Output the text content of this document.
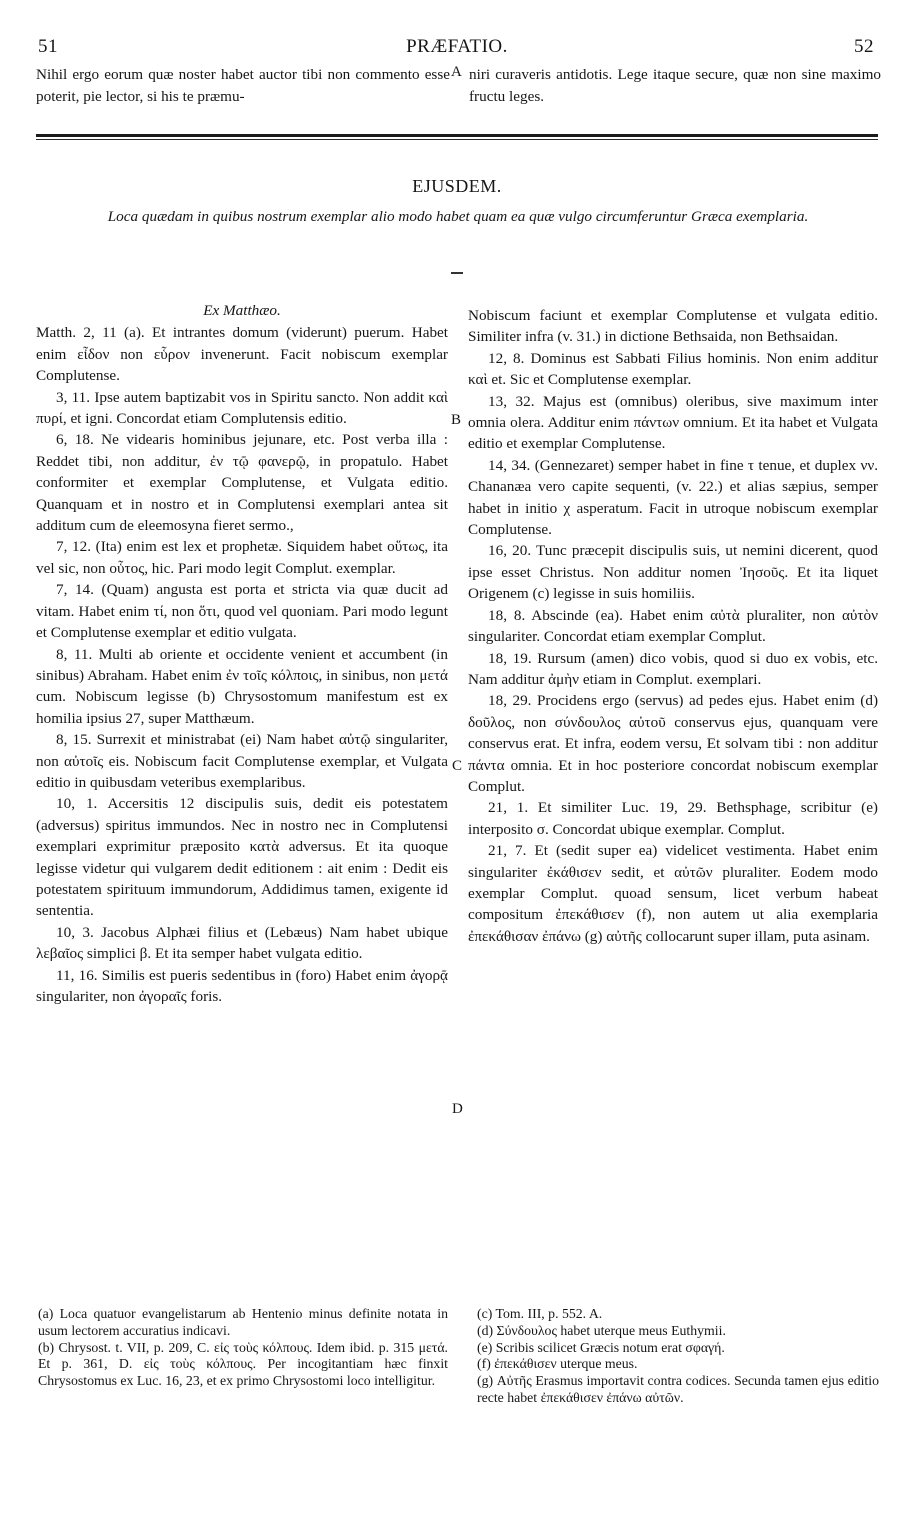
51	PRÆFATIO.	52
Nihil ergo eorum quæ noster habet auctor tibi non commento esse poterit, pie lector, si his te præmu-
A niri curaveris antidotis. Lege itaque secure, quæ non sine maximo fructu leges.
EJUSDEM.
Loca quædam in quibus nostrum exemplar alio modo habet quam ea quæ vulgo circumferuntur Græca exemplaria.

Ex Matthæo.

Matth. 2, 11 (a). Et intrantes domum (viderunt) puerum. Habet enim εἶδον non εὗρον invenerunt. Facit nobiscum exemplar Complutense.

3, 11. Ipse autem baptizabit vos in Spiritu sancto. Non addit καὶ πυρί, et igni. Concordat etiam Complutensis editio.

6, 18. Ne videaris hominibus jejunare, etc. Post verba illa : Reddet tibi, non additur, ἐν τῷ φανερῷ, in propatulo. Habet conformiter et exemplar Complutense, et Vulgata editio. Quanquam et in nostro et in Complutensi exemplari antea sit additum cum de eleemosyna fieret sermo.,

7, 12. (Ita) enim est lex et prophetæ. Siquidem habet οὕτως, ita vel sic, non οὗτος, hic. Pari modo legit Complut. exemplar.

7, 14. (Quam) angusta est porta et stricta via quæ ducit ad vitam. Habet enim τί, non ὅτι, quod vel quoniam. Pari modo legunt et Complutense exemplar et editio vulgata.

8, 11. Multi ab oriente et occidente venient et accumbent (in sinibus) Abraham. Habet enim ἐν τοῖς κόλποις, in sinibus, non μετά cum. Nobiscum legisse (b) Chrysostomum manifestum est ex homilia ipsius 27, super Matthæum.

8, 15. Surrexit et ministrabat (ei) Nam habet αὐτῷ singulariter, non αὐτοῖς eis. Nobiscum facit Complutense exemplar, et Vulgata editio in quibusdam veteribus exemplaribus.

10, 1. Accersitis 12 discipulis suis, dedit eis potestatem (adversus) spiritus immundos. Nec in nostro nec in Complutensi exemplari exprimitur præposito κατὰ adversus. Et ita quoque legisse videtur qui vulgarem dedit editionem : ait enim : Dedit eis potestatem spirituum immundorum, Addidimus tamen, exigente id sententia.

10, 3. Jacobus Alphæi filius et (Lebæus) Nam habet ubique λεβαῖος simplici β. Et ita semper habet vulgata editio.

11, 16. Similis est pueris sedentibus in (foro) Habet enim ἀγορᾷ singulariter, non ἀγοραῖς foris.

B
C
D

Nobiscum faciunt et exemplar Complutense et vulgata editio. Similiter infra (v. 31.) in dictione Bethsaida, non Bethsaidan.

12, 8. Dominus est Sabbati Filius hominis. Non enim additur καὶ et. Sic et Complutense exemplar.

13, 32. Majus est (omnibus) oleribus, sive maximum inter omnia olera. Additur enim πάντων omnium. Et ita habet et Vulgata editio et exemplar Complutense.

14, 34. (Gennezaret) semper habet in fine τ tenue, et duplex νν. Chananæa vero capite sequenti, (v. 22.) et alias sæpius, semper habet in initio χ asperatum. Facit in utroque nobiscum exemplar Complutense.

16, 20. Tunc præcepit discipulis suis, ut nemini dicerent, quod ipse esset Christus. Non additur nomen Ἰησοῦς. Et ita liquet Origenem (c) legisse in suis homiliis.

18, 8. Abscinde (ea). Habet enim αὐτὰ pluraliter, non αὐτὸν singulariter. Concordat etiam exemplar Complut.

18, 19. Rursum (amen) dico vobis, quod si duo ex vobis, etc. Nam additur ἀμὴν etiam in Complut. exemplari.

18, 29. Procidens ergo (servus) ad pedes ejus. Habet enim (d) δοῦλος, non σύνδουλος αὐτοῦ conservus ejus, quanquam vere conservus erat. Et infra, eodem versu, Et solvam tibi : non additur πάντα omnia. Et in hoc posteriore concordat nobiscum exemplar Complut.

21, 1. Et similiter Luc. 19, 29. Bethsphage, scribitur (e) interposito σ. Concordat ubique exemplar. Complut.

21, 7. Et (sedit super ea) videlicet vestimenta. Habet enim singulariter ἐκάθισεν sedit, et αὐτῶν pluraliter. Eodem modo exemplar Complut. quoad sensum, licet verbum habeat compositum ἐπεκάθισεν (f), non autem ut alia exemplaria ἐπεκάθισαν ἐπάνω (g) αὐτῆς collocarunt super illam, puta asinam.

(a) Loca quatuor evangelistarum ab Hentenio minus definite notata in usum lectorem accuratius indicavi.

(b) Chrysost. t. VII, p. 209, C. εἰς τοὺς κόλπους. Idem ibid. p. 315 μετά. Et p. 361, D. εἰς τοὺς κόλπους. Per incogitantiam hæc finxit Chrysostomus ex Luc. 16, 23, et ex primo Chrysostomi loco intelligitur.

(c) Tom. III, p. 552. A.

(d) Σύνδουλος habet uterque meus Euthymii.

(e) Scribis scilicet Græcis notum erat σφαγή.

(f) ἐπεκάθισεν uterque meus.

(g) Αὐτῆς Erasmus importavit contra codices. Secunda tamen ejus editio recte habet ἐπεκάθισεν ἐπάνω αὐτῶν.
